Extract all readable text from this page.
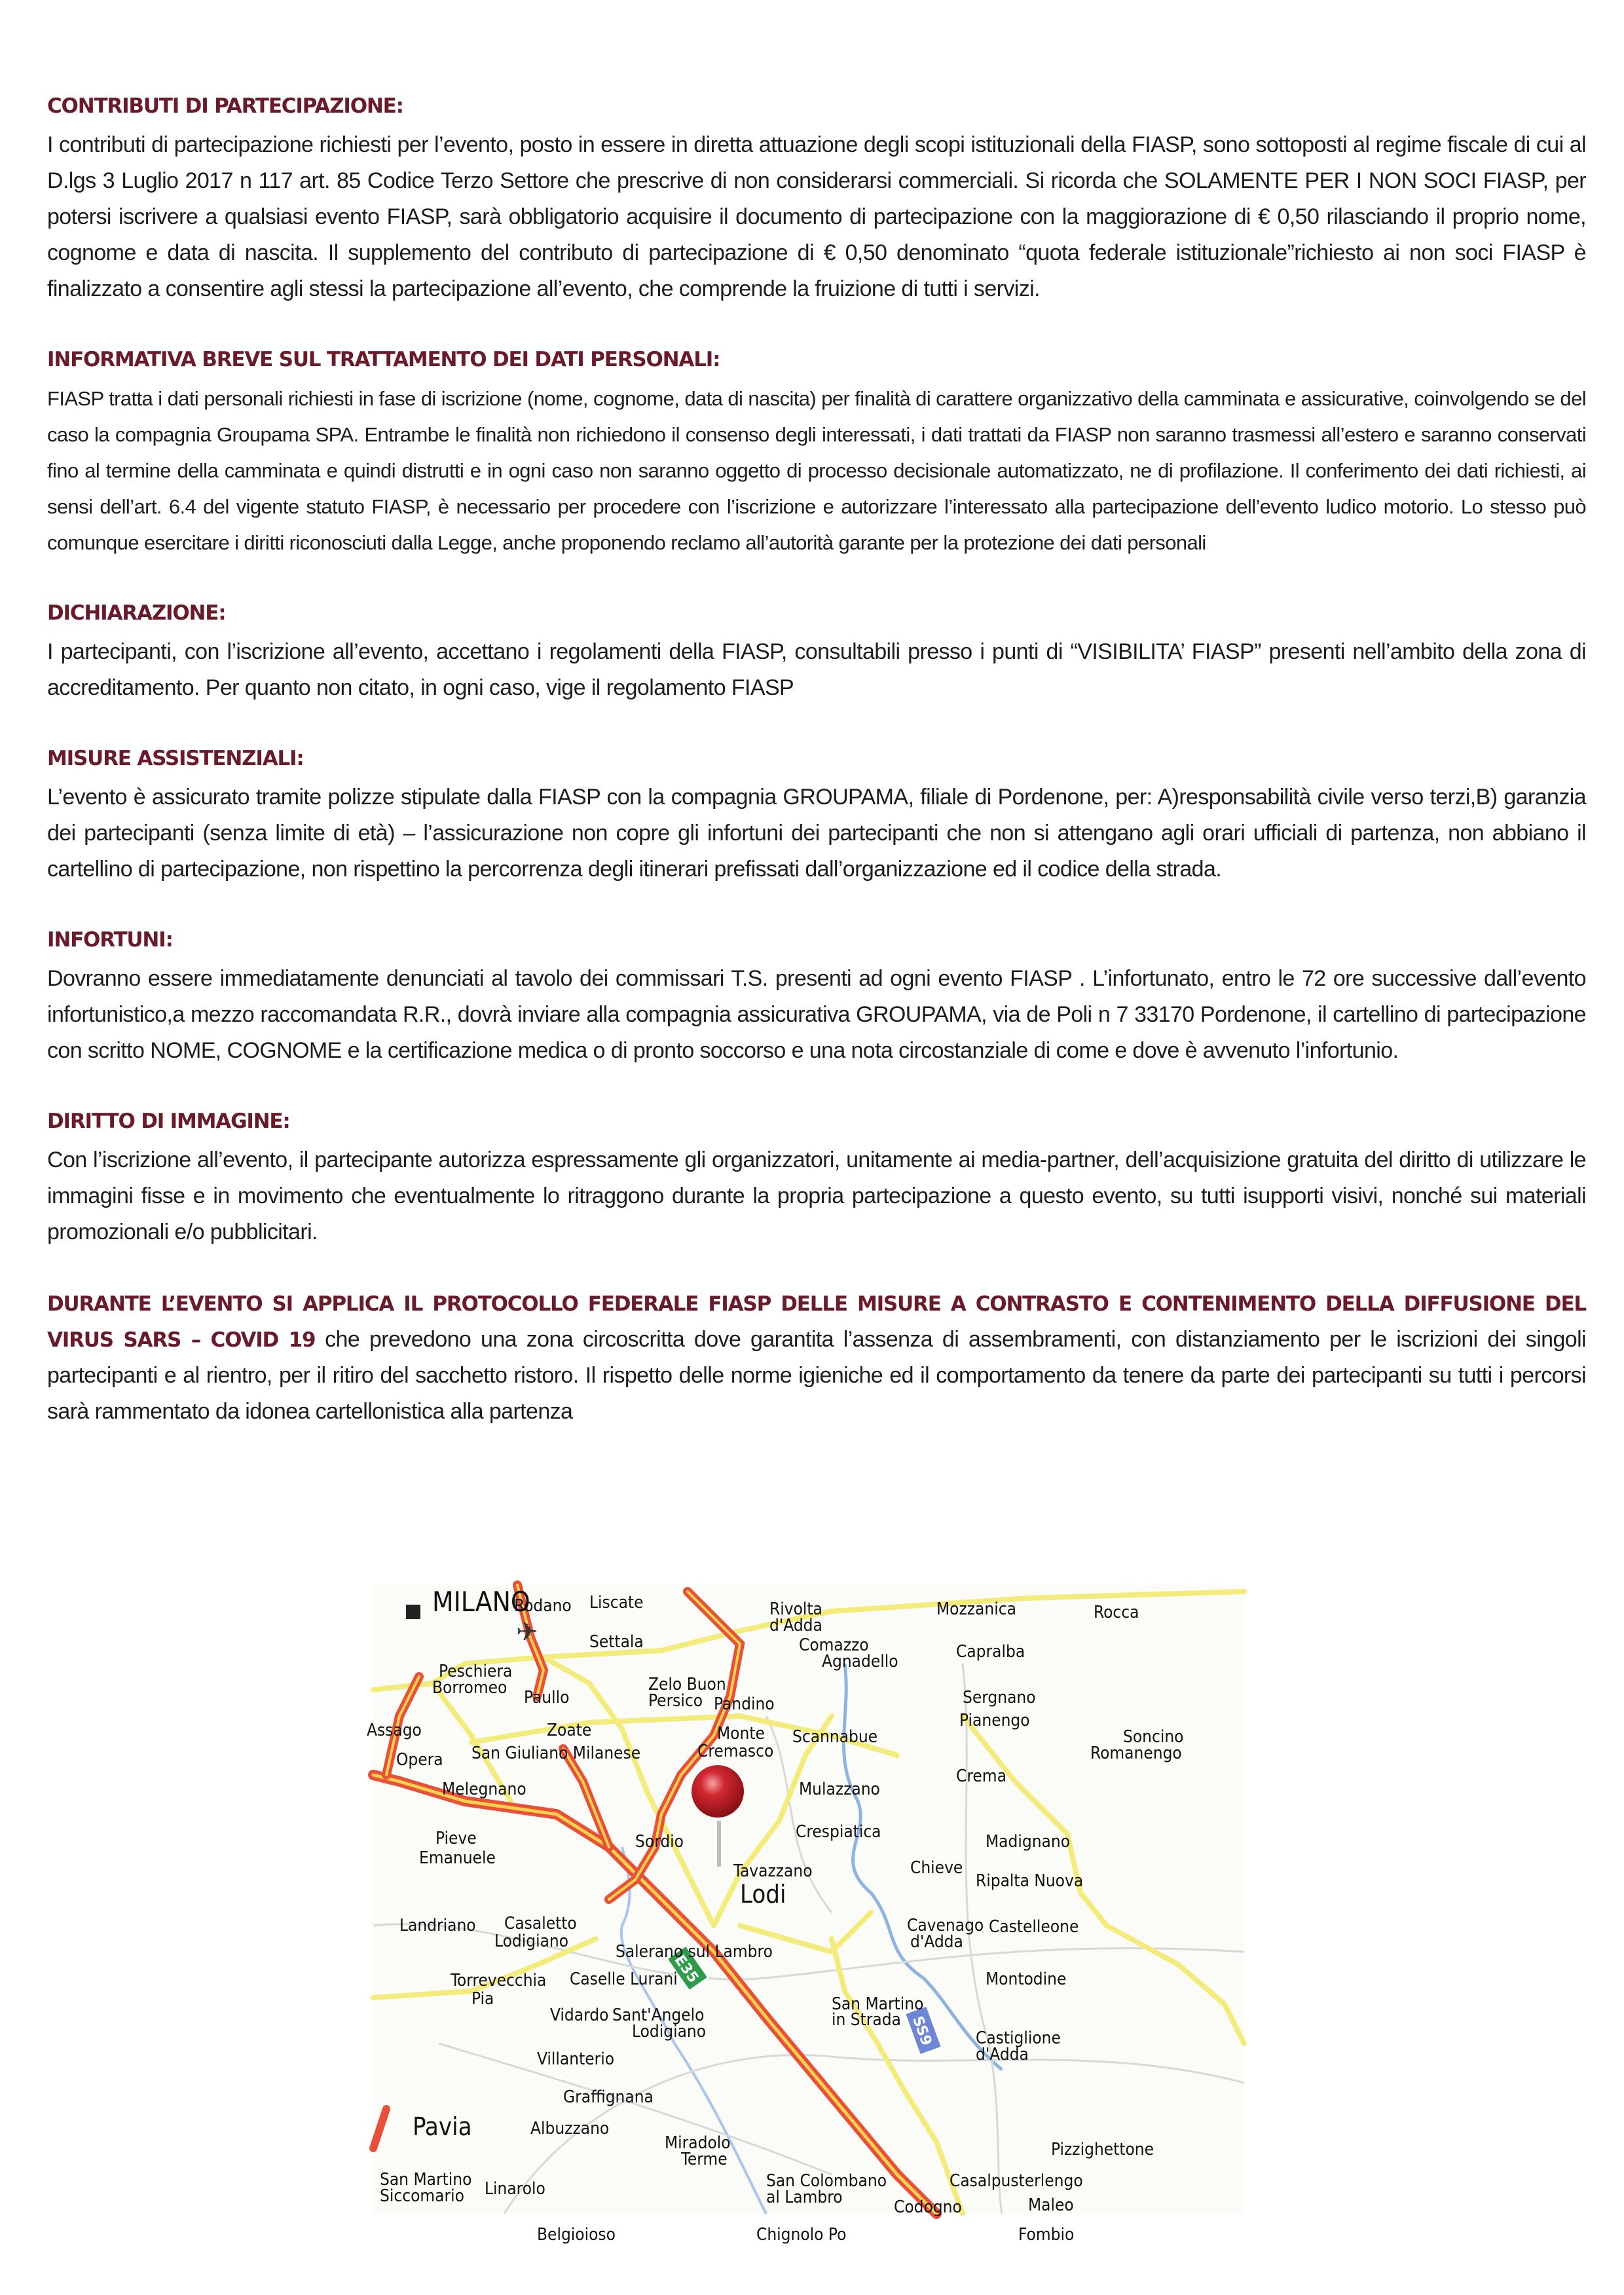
CONTRIBUTI DI PARTECIPAZIONE:

I contributi di partecipazione richiesti per l’evento, posto in essere in diretta attuazione degli scopi istituzionali della FIASP, sono sottoposti al regime fiscale di cui al D.lgs 3 Luglio 2017 n 117 art. 85 Codice Terzo Settore che prescrive di non considerarsi commerciali. Si ricorda che SOLAMENTE PER I NON SOCI FIASP, per potersi iscrivere a qualsiasi evento FIASP, sarà obbligatorio acquisire il documento di partecipazione con la maggiorazione di € 0,50 rilasciando il proprio nome, cognome e data di nascita. Il supplemento del contributo di partecipazione di € 0,50 denominato “quota federale istituzionale”richiesto ai non soci FIASP è finalizzato a consentire agli stessi la partecipazione all’evento, che comprende la fruizione di tutti i servizi.

INFORMATIVA BREVE SUL TRATTAMENTO DEI DATI PERSONALI:

FIASP tratta i dati personali richiesti in fase di iscrizione (nome, cognome, data di nascita) per finalità di carattere organizzativo della camminata e assicurative, coinvolgendo se del caso la compagnia Groupama SPA. Entrambe le finalità non richiedono il consenso degli interessati, i dati trattati da FIASP non saranno trasmessi all’estero e saranno conservati fino al termine della camminata e quindi distrutti e in ogni caso non saranno oggetto di processo decisionale automatizzato, ne di profilazione. Il conferimento dei dati richiesti, ai sensi dell’art. 6.4 del vigente statuto FIASP, è necessario per procedere con l’iscrizione e autorizzare l’interessato alla partecipazione dell’evento ludico motorio. Lo stesso può comunque esercitare i diritti riconosciuti dalla Legge, anche proponendo reclamo all’autorità garante per la protezione dei dati personali

DICHIARAZIONE:

I partecipanti, con l’iscrizione all’evento, accettano i regolamenti della FIASP, consultabili presso i punti di “VISIBILITA’ FIASP” presenti nell’ambito della zona di accreditamento. Per quanto non citato, in ogni caso, vige il regolamento FIASP

MISURE ASSISTENZIALI:

L’evento è assicurato tramite polizze stipulate dalla FIASP con la compagnia GROUPAMA, filiale di Pordenone, per: A)responsabilità civile verso terzi,B) garanzia dei partecipanti (senza limite di età) – l’assicurazione non copre gli infortuni dei partecipanti che non si attengano agli orari ufficiali di partenza, non abbiano il cartellino di partecipazione, non rispettino la percorrenza degli itinerari prefissati dall’organizzazione ed il codice della strada.

INFORTUNI:

Dovranno essere immediatamente denunciati al tavolo dei commissari T.S. presenti ad ogni evento FIASP . L’infortunato, entro le 72 ore successive dall’evento infortunistico,a mezzo raccomandata R.R., dovrà inviare alla compagnia assicurativa GROUPAMA, via de Poli n 7 33170 Pordenone, il cartellino di partecipazione con scritto NOME, COGNOME e la certificazione medica o di pronto soccorso e una nota circostanziale di come e dove è avvenuto l’infortunio.

DIRITTO DI IMMAGINE:

Con l’iscrizione all’evento, il partecipante autorizza espressamente gli organizzatori, unitamente ai media-partner, dell’acquisizione gratuita del diritto di utilizzare le immagini fisse e in movimento che eventualmente lo ritraggono durante la propria partecipazione a questo evento, su tutti isupporti visivi, nonché sui materiali promozionali e/o pubblicitari.

DURANTE L’EVENTO SI APPLICA IL PROTOCOLLO FEDERALE FIASP DELLE MISURE A CONTRASTO E CONTENIMENTO DELLA DIFFUSIONE DEL VIRUS SARS – COVID 19 che prevedono una zona circoscritta dove garantita l’assenza di assembramenti, con distanziamento per le iscrizioni dei singoli partecipanti e al rientro, per il ritiro del sacchetto ristoro. Il rispetto delle norme igieniche ed il comportamento da tenere da parte dei partecipanti su tutti i percorsi sarà rammentato da idonea cartellonistica alla partenza

E35
SS9
✈
MILANO
Rodano Liscate	Rivolta
d'Adda
Mozzanica	Rocca
Settala	Comazzo
Agnadello	Capralba
Peschiera
Borromeo Paullo
Zelo Buon
Persico Pandino	Sergnano
Pianengo
Soncino
Assago	Zoate	Monte
Cremasco
Scannabue
Romanengo
Opera San Giuliano Milanese
Melegnano	Mulazzano
Crema
Pieve
Emanuele
Sordio	Crespiatica	Madignano
Tavazzano	Chieve
Ripalta Nuova
Lodi
Landriano Casaletto
Lodigiano
Salerano sul Lambro
Cavenago
d'Adda
Castelleone
Torrevecchia
Pia
Caselle Lurani	Montodine
Vidardo Sant'Angelo
Lodigiano
San Martino
in Strada
Castiglione
d'Adda
Villanterio
Graffignana
Pavia	Albuzzano
Miradolo
Terme	Pizzighettone
San Colombano
al Lambro
Casalpusterlengo
San Martino
Siccomario Linarolo
Codogno	Maleo
Belgioioso	Chignolo Po	Fombio
